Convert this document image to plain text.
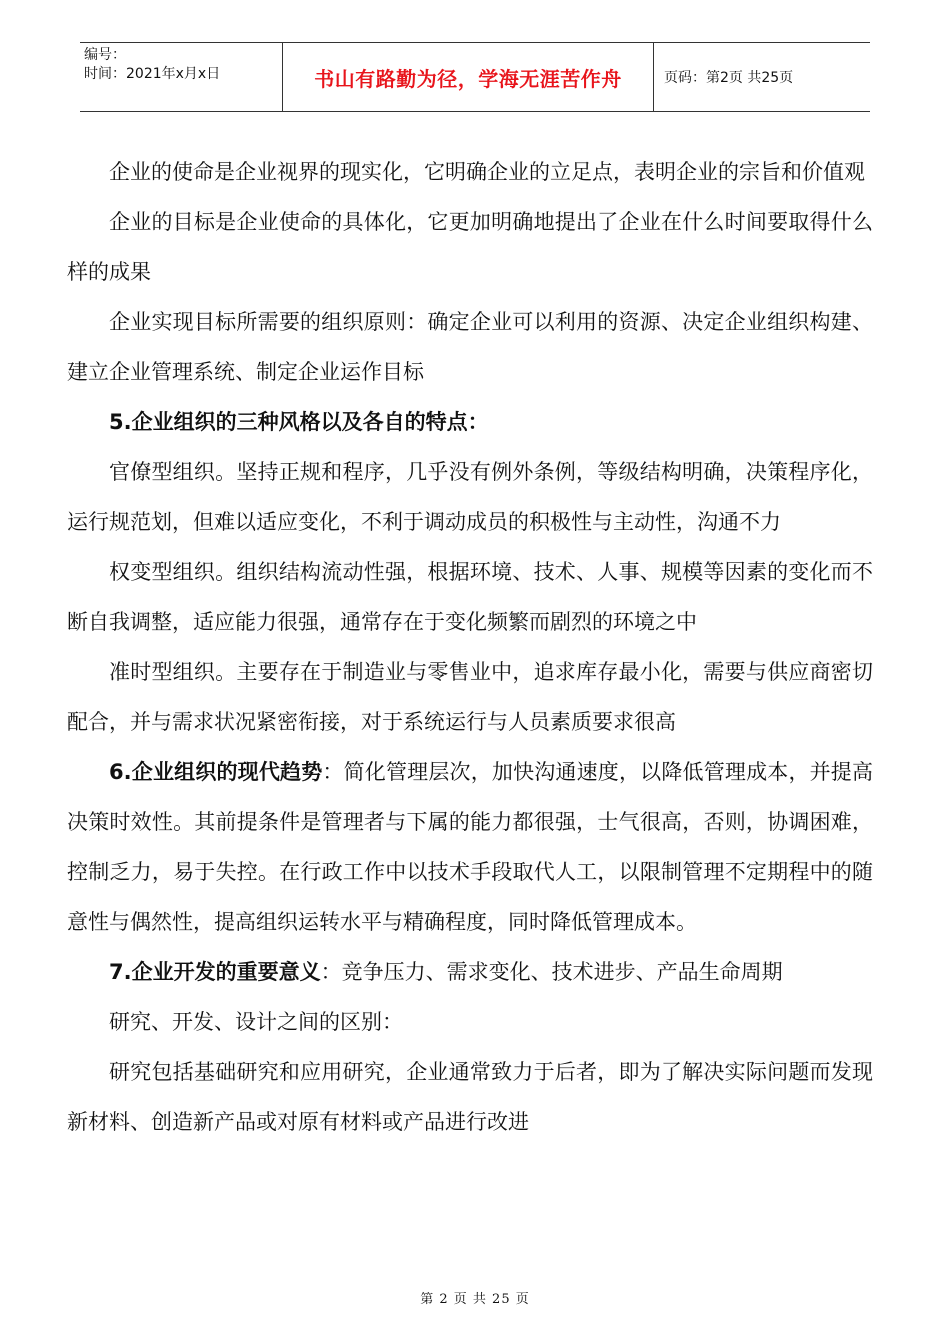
编号：
时间：2021年x月x日	书山有路勤为径，学海无涯苦作舟	页码：第2页 共25页

企业的使命是企业视界的现实化，它明确企业的立足点，表明企业的宗旨和价值观

企业的目标是企业使命的具体化，它更加明确地提出了企业在什么时间要取得什么样的成果

企业实现目标所需要的组织原则：确定企业可以利用的资源、决定企业组织构建、建立企业管理系统、制定企业运作目标

5.企业组织的三种风格以及各自的特点：

官僚型组织。坚持正规和程序，几乎没有例外条例，等级结构明确，决策程序化，运行规范划，但难以适应变化，不利于调动成员的积极性与主动性，沟通不力

权变型组织。组织结构流动性强，根据环境、技术、人事、规模等因素的变化而不断自我调整，适应能力很强，通常存在于变化频繁而剧烈的环境之中

准时型组织。主要存在于制造业与零售业中，追求库存最小化，需要与供应商密切配合，并与需求状况紧密衔接，对于系统运行与人员素质要求很高

6.企业组织的现代趋势：简化管理层次，加快沟通速度，以降低管理成本，并提高决策时效性。其前提条件是管理者与下属的能力都很强，士气很高，否则，协调困难，控制乏力，易于失控。在行政工作中以技术手段取代人工，以限制管理不定期程中的随意性与偶然性，提高组织运转水平与精确程度，同时降低管理成本。

7.企业开发的重要意义：竞争压力、需求变化、技术进步、产品生命周期

研究、开发、设计之间的区别：

研究包括基础研究和应用研究，企业通常致力于后者，即为了解决实际问题而发现新材料、创造新产品或对原有材料或产品进行改进

第 2 页 共 25 页
